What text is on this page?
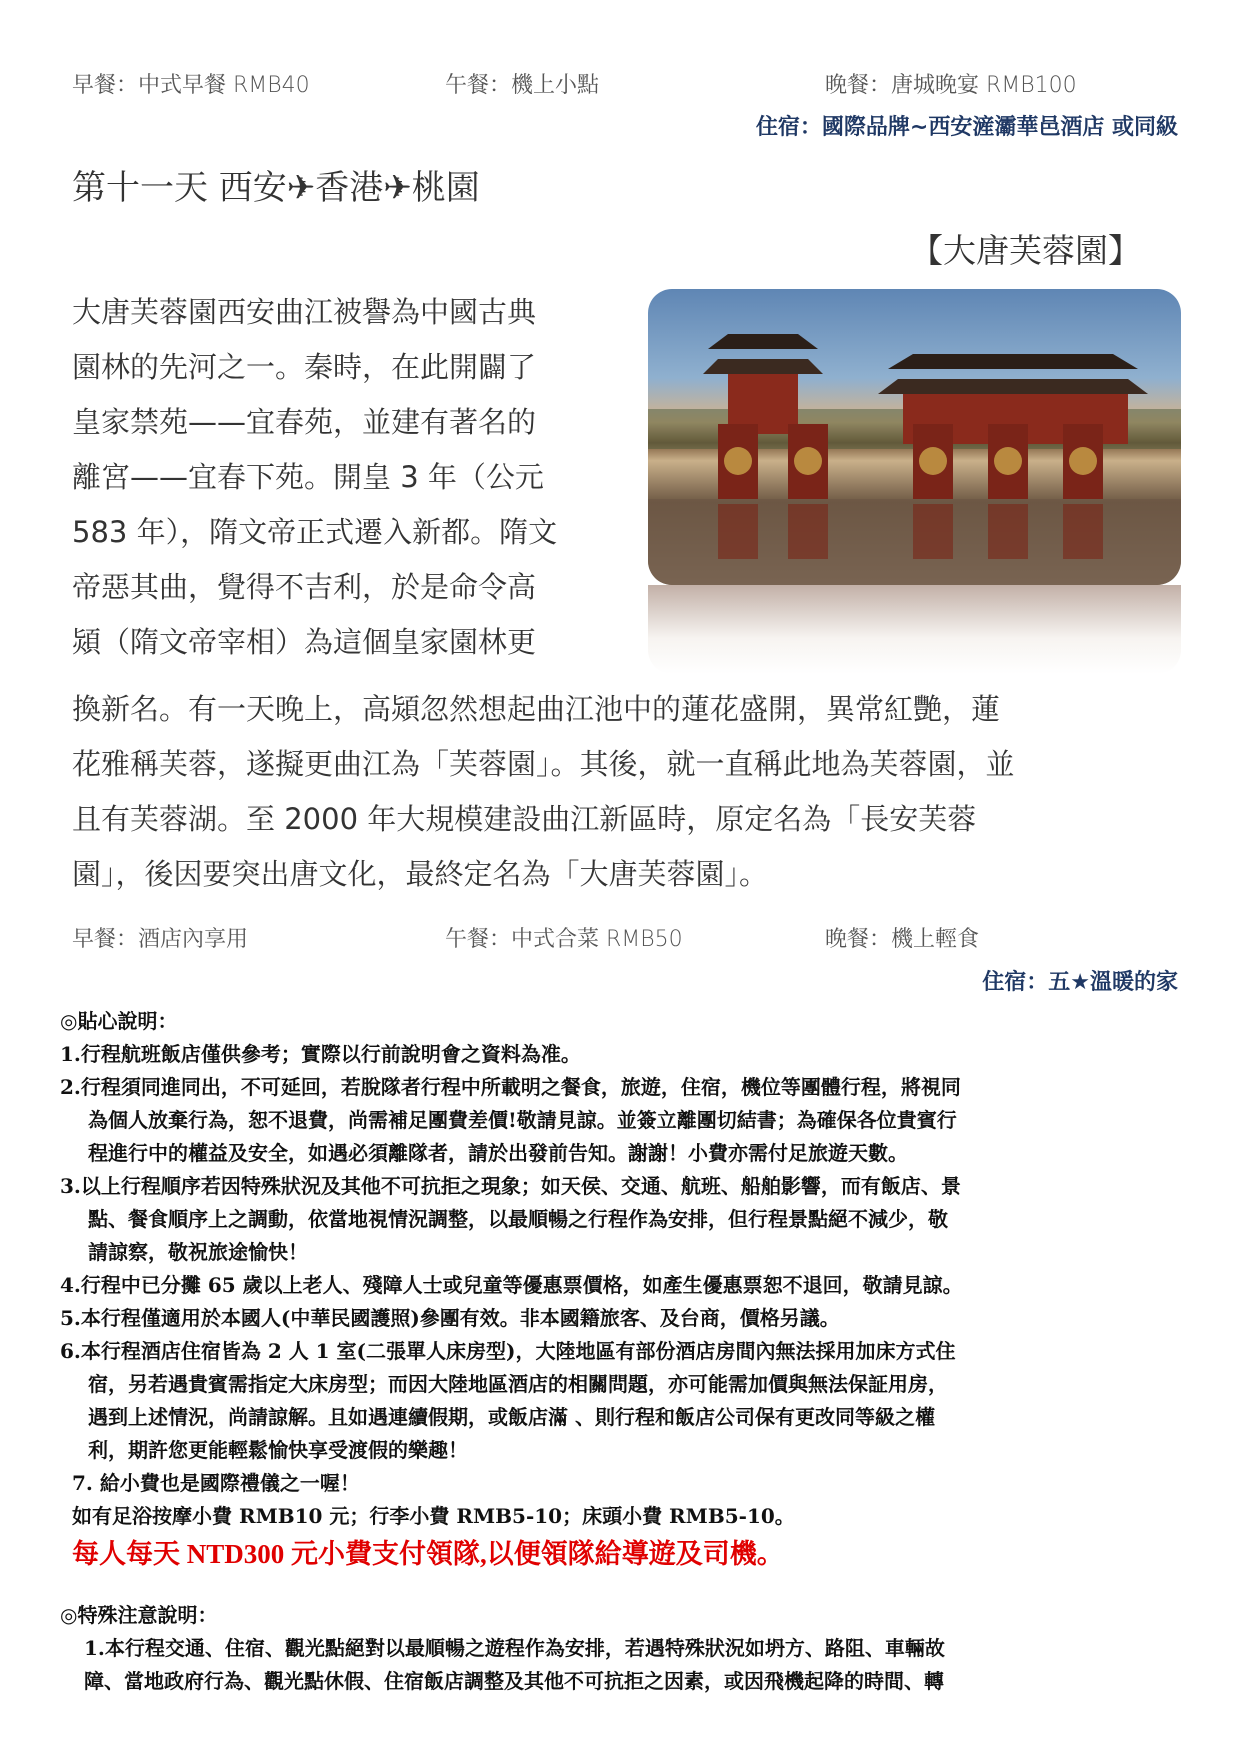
早餐：中式早餐 RMB40	午餐：機上小點	晚餐：唐城晚宴 RMB100
住宿：國際品牌~西安滻灞華邑酒店 或同級
第十一天 西安✈香港✈桃園
【大唐芙蓉園】
大唐芙蓉園西安曲江被譽為中國古典
園林的先河之一。秦時，在此開闢了
皇家禁苑——宜春苑，並建有著名的
離宮——宜春下苑。開皇 3 年（公元
583 年），隋文帝正式遷入新都。隋文
帝惡其曲，覺得不吉利，於是命令高
熲（隋文帝宰相）為這個皇家園林更
換新名。有一天晚上，高熲忽然想起曲江池中的蓮花盛開，異常紅艷，蓮
花雅稱芙蓉，遂擬更曲江為「芙蓉園」。其後，就一直稱此地為芙蓉園，並
且有芙蓉湖。至 2000 年大規模建設曲江新區時，原定名為「長安芙蓉
園」，後因要突出唐文化，最終定名為「大唐芙蓉園」。
早餐：酒店內享用	午餐：中式合菜 RMB50	晚餐：機上輕食
住宿：五★溫暖的家
◎貼心說明：
1.行程航班飯店僅供參考；實際以行前說明會之資料為准。
2.行程須同進同出，不可延回，若脫隊者行程中所載明之餐食，旅遊，住宿，機位等團體行程，將視同
為個人放棄行為，恕不退費，尚需補足團費差價!敬請見諒。並簽立離團切結書；為確保各位貴賓行
程進行中的權益及安全，如遇必須離隊者，請於出發前告知。謝謝！小費亦需付足旅遊天數。
3.以上行程順序若因特殊狀況及其他不可抗拒之現象；如天侯、交通、航班、船舶影響，而有飯店、景
點、餐食順序上之調動，依當地視情況調整，以最順暢之行程作為安排，但行程景點絕不減少，敬
請諒察，敬祝旅途愉快！
4.行程中已分攤 65 歲以上老人、殘障人士或兒童等優惠票價格，如產生優惠票恕不退回，敬請見諒。
5.本行程僅適用於本國人(中華民國護照)參團有效。非本國籍旅客、及台商，價格另議。
6.本行程酒店住宿皆為 2 人 1 室(二張單人床房型)，大陸地區有部份酒店房間內無法採用加床方式住
宿，另若遇貴賓需指定大床房型；而因大陸地區酒店的相關問題，亦可能需加價與無法保証用房，
遇到上述情況，尚請諒解。且如遇連續假期，或飯店滿 、則行程和飯店公司保有更改同等級之權
利，期許您更能輕鬆愉快享受渡假的樂趣！
7. 給小費也是國際禮儀之一喔！
如有足浴按摩小費 RMB10 元；行李小費 RMB5-10；床頭小費 RMB5-10。
每人每天 NTD300 元小費支付領隊,以便領隊給導遊及司機。
◎特殊注意說明：
1.本行程交通、住宿、觀光點絕對以最順暢之遊程作為安排，若遇特殊狀況如坍方、路阻、車輛故
障、當地政府行為、觀光點休假、住宿飯店調整及其他不可抗拒之因素，或因飛機起降的時間、轉
